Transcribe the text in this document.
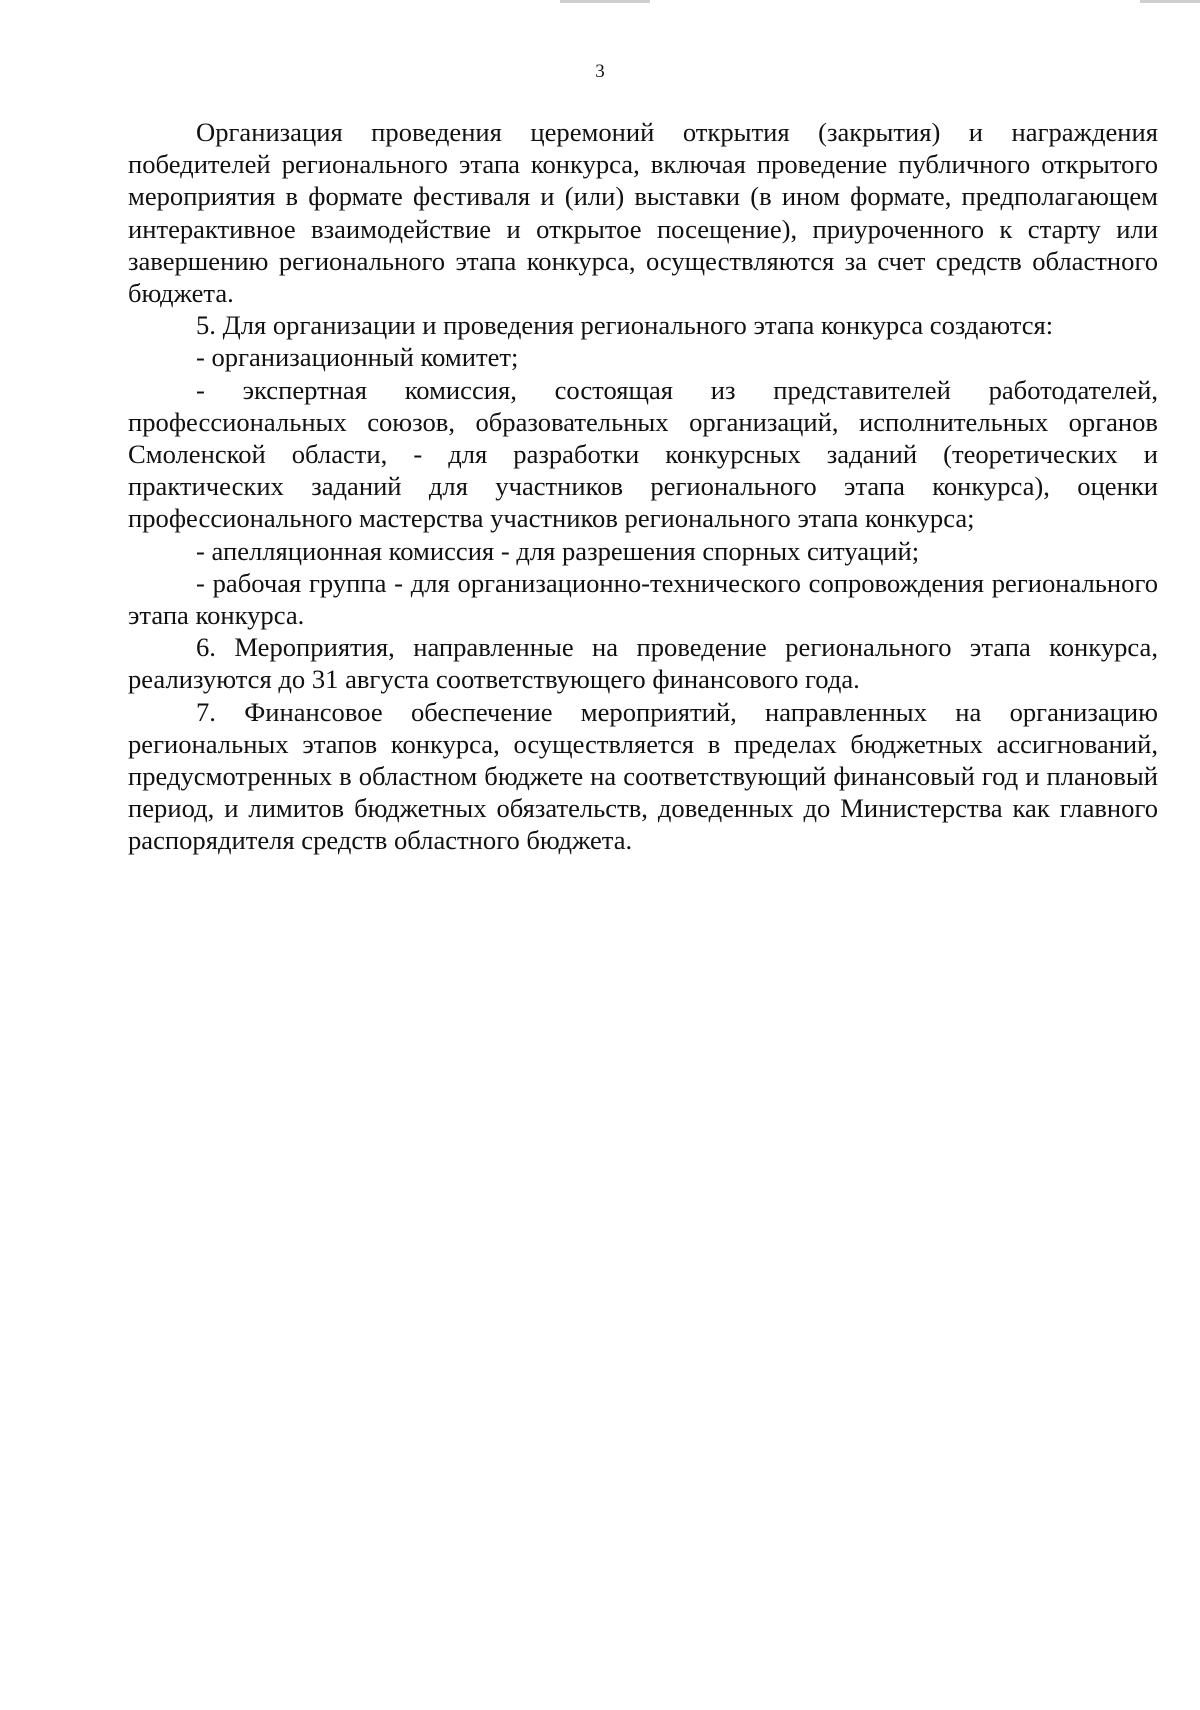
3

Организация проведения церемоний открытия (закрытия) и награждения победителей регионального этапа конкурса, включая проведение публичного открытого мероприятия в формате фестиваля и (или) выставки (в ином формате, предполагающем интерактивное взаимодействие и открытое посещение), приуроченного к старту или завершению регионального этапа конкурса, осуществляются за счет средств областного бюджета.

5. Для организации и проведения регионального этапа конкурса создаются:

- организационный комитет;

- экспертная комиссия, состоящая из представителей работодателей, профессиональных союзов, образовательных организаций, исполнительных органов Смоленской области, - для разработки конкурсных заданий (теоретических и практических заданий для участников регионального этапа конкурса), оценки профессионального мастерства участников регионального этапа конкурса;

- апелляционная комиссия - для разрешения спорных ситуаций;

- рабочая группа - для организационно-технического сопровождения регионального этапа конкурса.

6. Мероприятия, направленные на проведение регионального этапа конкурса, реализуются до 31 августа соответствующего финансового года.

7. Финансовое обеспечение мероприятий, направленных на организацию региональных этапов конкурса, осуществляется в пределах бюджетных ассигнований, предусмотренных в областном бюджете на соответствующий финансовый год и плановый период, и лимитов бюджетных обязательств, доведенных до Министерства как главного распорядителя средств областного бюджета.
